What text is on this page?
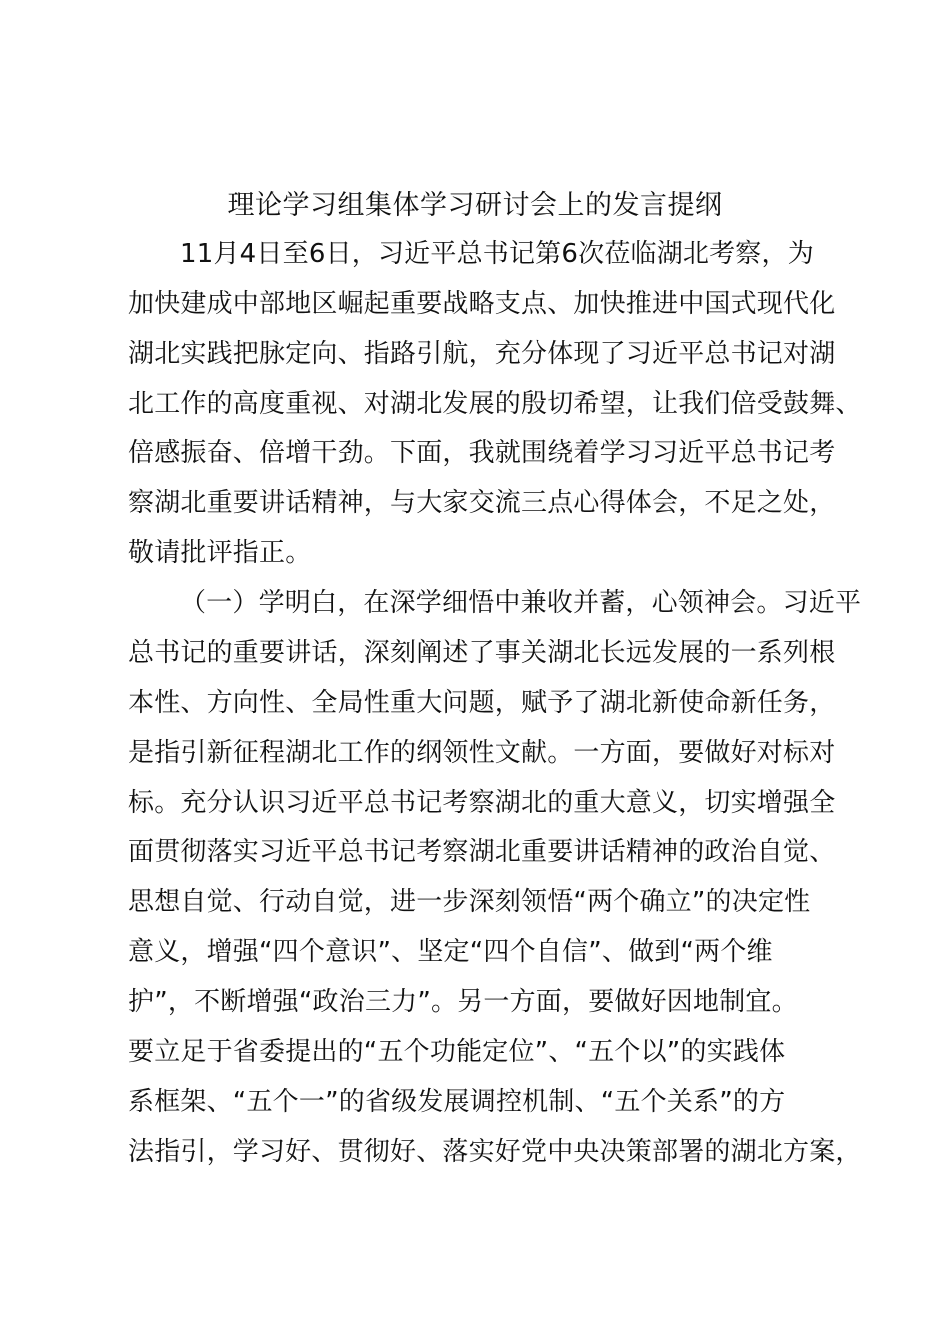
理论学习组集体学习研讨会上的发言提纲
11月4日至6日，习近平总书记第6次莅临湖北考察，为
加快建成中部地区崛起重要战略支点、加快推进中国式现代化
湖北实践把脉定向、指路引航，充分体现了习近平总书记对湖
北工作的高度重视、对湖北发展的殷切希望，让我们倍受鼓舞、
倍感振奋、倍增干劲。下面，我就围绕着学习习近平总书记考
察湖北重要讲话精神，与大家交流三点心得体会，不足之处，
敬请批评指正。
（一）学明白，在深学细悟中兼收并蓄，心领神会。习近平
总书记的重要讲话，深刻阐述了事关湖北长远发展的一系列根
本性、方向性、全局性重大问题，赋予了湖北新使命新任务，
是指引新征程湖北工作的纲领性文献。一方面，要做好对标对
标。充分认识习近平总书记考察湖北的重大意义，切实增强全
面贯彻落实习近平总书记考察湖北重要讲话精神的政治自觉、
思想自觉、行动自觉，进一步深刻领悟“两个确立”的决定性
意义，增强“四个意识”、坚定“四个自信”、做到“两个维
护”，不断增强“政治三力”。另一方面，要做好因地制宜。
要立足于省委提出的“五个功能定位”、“五个以”的实践体
系框架、“五个一”的省级发展调控机制、“五个关系”的方
法指引，学习好、贯彻好、落实好党中央决策部署的湖北方案，
